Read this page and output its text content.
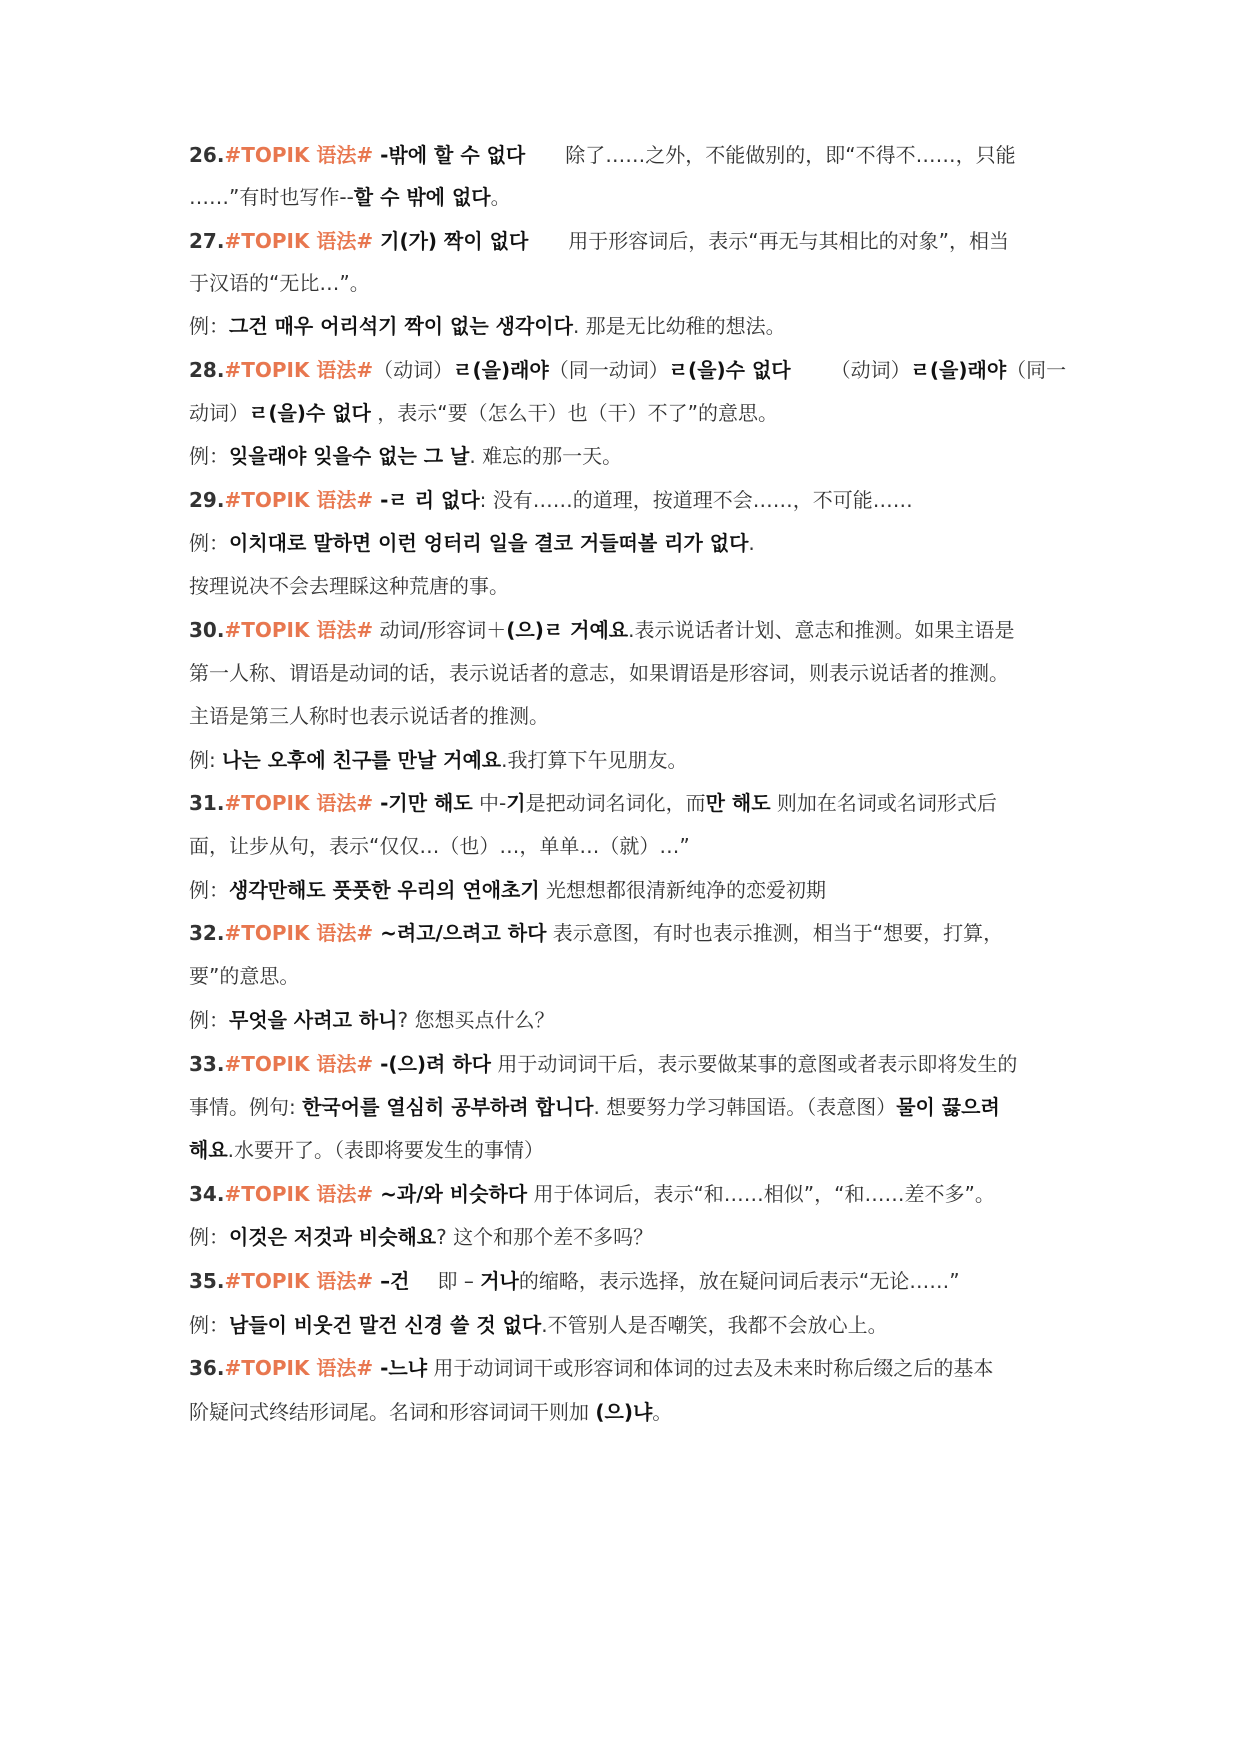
26.#TOPIK 语法# -밖에 할 수 없다 除了……之外，不能做别的，即“不得不……，只能
……”有时也写作--할 수 밖에 없다。
27.#TOPIK 语法# 기(가) 짝이 없다 用于形容词后，表示“再无与其相比的对象”，相当
于汉语的“无比…”。
例：그건 매우 어리석기 짝이 없는 생각이다. 那是无比幼稚的想法。
28.#TOPIK 语法#（动词）ㄹ(을)래야（同一动词）ㄹ(을)수 없다 （动词）ㄹ(을)래야（同一
动词）ㄹ(을)수 없다 ，表示“要（怎么干）也（干）不了”的意思。
例：잊을래야 잊을수 없는 그 날. 难忘的那一天。
29.#TOPIK 语法# -ㄹ 리 없다: 没有……的道理，按道理不会……，不可能……
例：이치대로 말하면 이런 엉터리 일을 결코 거들떠볼 리가 없다.
按理说决不会去理睬这种荒唐的事。
30.#TOPIK 语法# 动词/形容词＋(으)ㄹ 거예요.表示说话者计划、意志和推测。如果主语是
第一人称、谓语是动词的话，表示说话者的意志，如果谓语是形容词，则表示说话者的推测。
主语是第三人称时也表示说话者的推测。
例: 나는 오후에 친구를 만날 거예요.我打算下午见朋友。
31.#TOPIK 语法# -기만 해도 中-기是把动词名词化，而만 해도 则加在名词或名词形式后
面，让步从句，表示“仅仅…（也）…，单单…（就）…”
例：생각만해도 풋풋한 우리의 연애초기 光想想都很清新纯净的恋爱初期
32.#TOPIK 语法# ~려고/으려고 하다 表示意图，有时也表示推测，相当于“想要，打算，
要”的意思。
例：무엇을 사려고 하니? 您想买点什么？
33.#TOPIK 语法# -(으)려 하다 用于动词词干后，表示要做某事的意图或者表示即将发生的
事情。例句: 한국어를 열심히 공부하려 합니다. 想要努力学习韩国语。（表意图）물이 끓으려
해요.水要开了。（表即将要发生的事情）
34.#TOPIK 语法# ~과/와 비슷하다 用于体词后，表示“和……相似”，“和……差不多”。
例：이것은 저것과 비슷해요? 这个和那个差不多吗？
35.#TOPIK 语法# –건 即 – 거나的缩略，表示选择，放在疑问词后表示“无论……”
例：남들이 비웃건 말건 신경 쓸 것 없다.不管别人是否嘲笑，我都不会放心上。
36.#TOPIK 语法# -느냐 用于动词词干或形容词和体词的过去及未来时称后缀之后的基本
阶疑问式终结形词尾。名词和形容词词干则加 (으)냐。
